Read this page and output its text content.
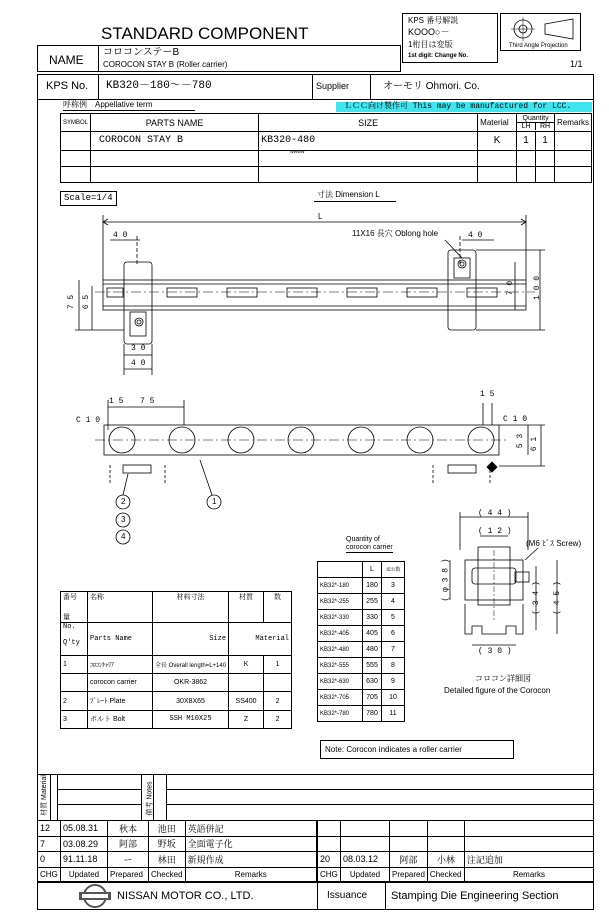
STANDARD COMPONENT
KPS 番号解説
KOOO○－
1桁目は変版
1st digit: Change No.
Third Angle Projection
1/1
NAME
コロコンステーB
COROCON STAY B (Roller carrier)
KPS No. KB320－180～－780	Supplier	オーモリ Ohmori. Co.
呼称例　Appellative term	ＬＣＣ向け製作可 This may be manufactured for LCC.
SYMBOL	PARTS NAME	SIZE	Material	Quantity
LH RH		Remarks
	COROCON STAY B	KB320-480	K	1	1	

wwww
寸法 Dimension L
Scale=1/4
L
4 0	4 0
11X16 長穴 Oblong hole
7 5 6 5
7 0 1 0 0
3 0
4 0
C 1 0	C 1 0
1 5 7 5
1 5
5 3 6 1
1
2
3
4
番号
量	名称	材料寸法	材質	数

No.
Q'ty	Parts Name	Size	Material	
1	ｺﾛｺﾝｷｬﾘｱ	全長 Overall length=L+140	K	1
	corocon carrier	OKR-3862		
2	ﾌﾟﾚｰﾄ Plate	30X8X65	SS400	2
3	ボルト Bolt	SSH M10X25	Z	2
Quantity of
corocon carrier
	L	ｺﾛｺﾝ数
KB32*-180	180	3
KB32*-255	255	4
KB32*-330	330	5
KB32*-405	405	6
KB32*-480	480	7
KB32*-555	555	8
KB32*-630	630	9
KB32*-705	705	10
KB32*-780	780	11
( 4 4 )
( 1 2 )
(M6 ﾋﾞｽ Screw)
( φ 3 8 )	( 3 4 ) ( 4 5 )
( 3 0 )
コロコン詳細図
Detailed figure of the Corocon
Note: Corocon indicates a roller carrier
材質 Material	備考 Notes
12	05.08.31	秋本	池田	英語併記
7	03.08.29	阿部	野坂	全面電子化
0	91.11.18	ー	林田	新規作成
CHG	Updated	Prepared	Checked	Remarks

20	08.03.12	阿部	小林	注記追加
CHG	Updated	Prepared	Checked	Remarks
NISSAN MOTOR CO., LTD.	Issuance Stamping Die Engineering Section
